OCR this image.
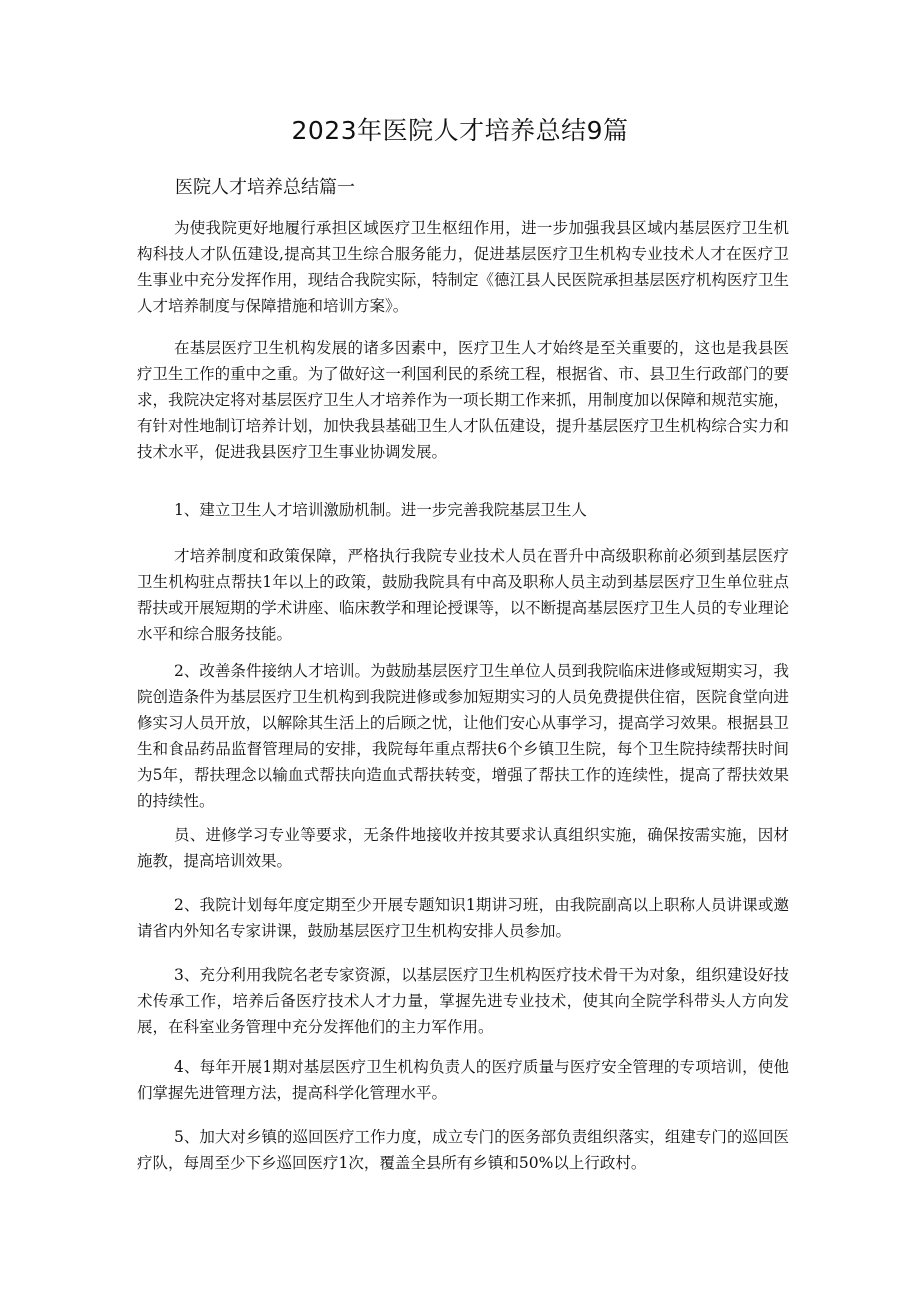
2023年医院人才培养总结9篇
医院人才培养总结篇一

为使我院更好地履行承担区域医疗卫生枢纽作用，进一步加强我县区域内基层医疗卫生机构科技人才队伍建设,提高其卫生综合服务能力，促进基层医疗卫生机构专业技术人才在医疗卫生事业中充分发挥作用，现结合我院实际，特制定《德江县人民医院承担基层医疗机构医疗卫生人才培养制度与保障措施和培训方案》。

在基层医疗卫生机构发展的诸多因素中，医疗卫生人才始终是至关重要的，这也是我县医疗卫生工作的重中之重。为了做好这一利国利民的系统工程，根据省、市、县卫生行政部门的要求，我院决定将对基层医疗卫生人才培养作为一项长期工作来抓，用制度加以保障和规范实施，有针对性地制订培养计划，加快我县基础卫生人才队伍建设，提升基层医疗卫生机构综合实力和技术水平，促进我县医疗卫生事业协调发展。

1、建立卫生人才培训激励机制。进一步完善我院基层卫生人

才培养制度和政策保障，严格执行我院专业技术人员在晋升中高级职称前必须到基层医疗卫生机构驻点帮扶1年以上的政策，鼓励我院具有中高及职称人员主动到基层医疗卫生单位驻点帮扶或开展短期的学术讲座、临床教学和理论授课等，以不断提高基层医疗卫生人员的专业理论水平和综合服务技能。

2、改善条件接纳人才培训。为鼓励基层医疗卫生单位人员到我院临床进修或短期实习，我院创造条件为基层医疗卫生机构到我院进修或参加短期实习的人员免费提供住宿，医院食堂向进修实习人员开放，以解除其生活上的后顾之忧，让他们安心从事学习，提高学习效果。根据县卫生和食品药品监督管理局的安排，我院每年重点帮扶6个乡镇卫生院，每个卫生院持续帮扶时间为5年，帮扶理念以输血式帮扶向造血式帮扶转变，增强了帮扶工作的连续性，提高了帮扶效果的持续性。

员、进修学习专业等要求，无条件地接收并按其要求认真组织实施，确保按需实施，因材施教，提高培训效果。

2、我院计划每年度定期至少开展专题知识1期讲习班，由我院副高以上职称人员讲课或邀请省内外知名专家讲课，鼓励基层医疗卫生机构安排人员参加。

3、充分利用我院名老专家资源，以基层医疗卫生机构医疗技术骨干为对象，组织建设好技术传承工作，培养后备医疗技术人才力量，掌握先进专业技术，使其向全院学科带头人方向发展，在科室业务管理中充分发挥他们的主力军作用。

4、每年开展1期对基层医疗卫生机构负责人的医疗质量与医疗安全管理的专项培训，使他们掌握先进管理方法，提高科学化管理水平。

5、加大对乡镇的巡回医疗工作力度，成立专门的医务部负责组织落实，组建专门的巡回医疗队，每周至少下乡巡回医疗1次，覆盖全县所有乡镇和50%以上行政村。
